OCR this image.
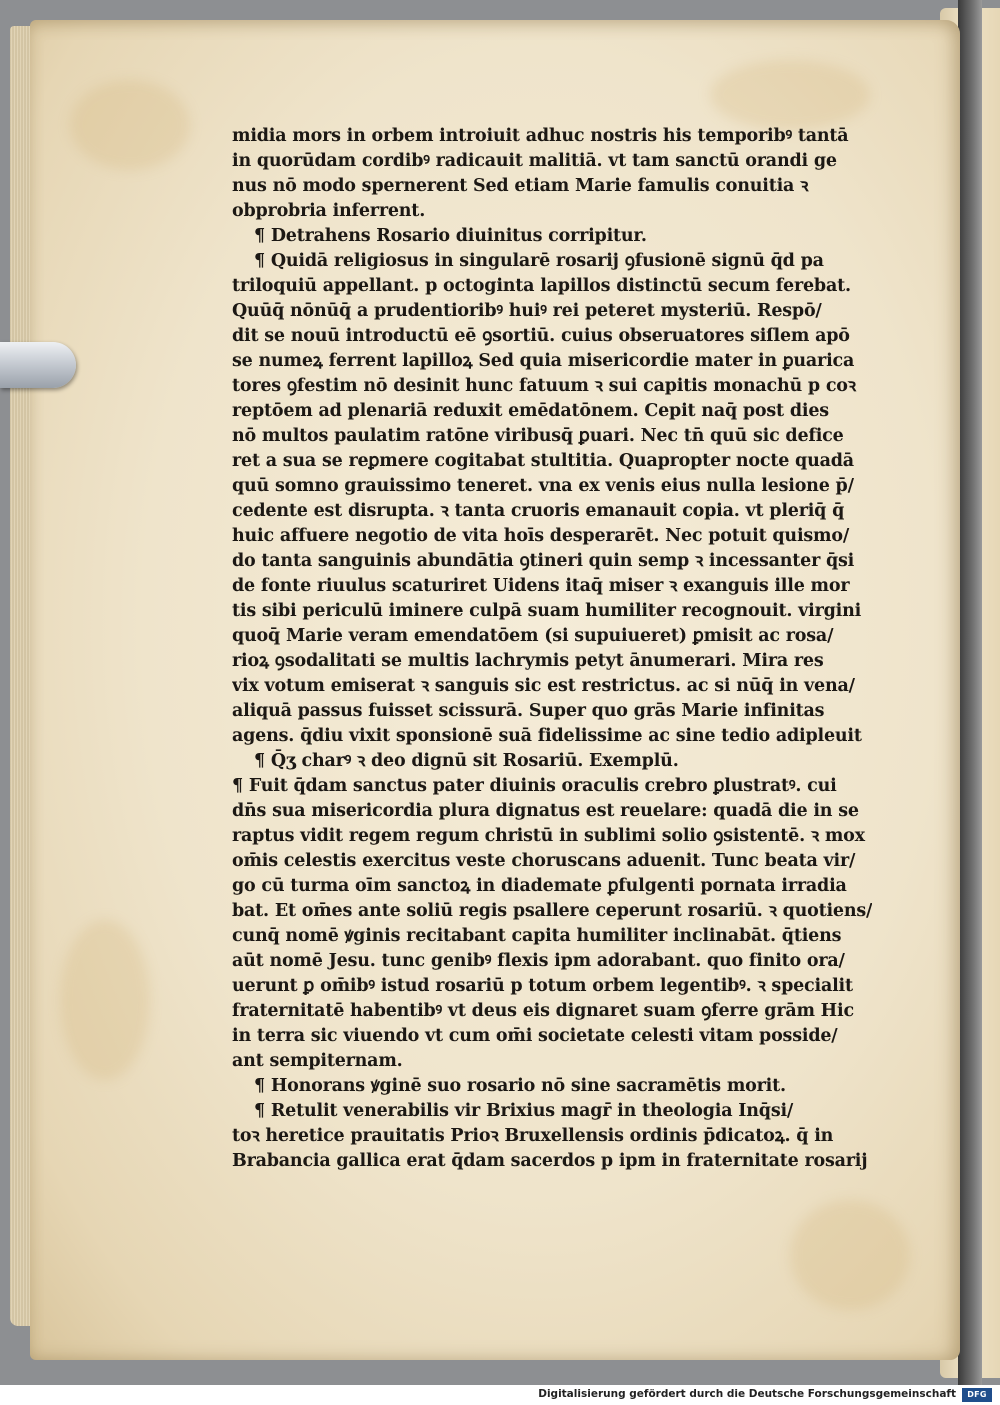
midia mors in orbem introiuit adhuc nostris his temporibꝰ tantā
in quorūdam cordibꝰ radicauit malitiā. vt tam sanctū orandi ge
nus nō modo spernerent Sed etiam Marie famulis conuitia ꝛ
obprobria inferrent.
¶ Detrahens Rosario diuinitus corripitur.
¶ Quidā religiosus in singularē rosarij ꝯfusionē signū q̄d pa
triloquiū appellant. p octoginta lapillos distinctū secum ferebat.
Quūq̄ nōnūq̄ a prudentioribꝰ huiꝰ rei peteret mysteriū. Respō/
dit se nouū introductū eē ꝯsortiū. cuius obseruatores siſlem apō
se numeꝝ ferrent lapilloꝝ Sed quia misericordie mater in ꝑuarica
tores ꝯfestim nō desinit hunc fatuum ꝛ sui capitis monachū p coꝛ
reptōem ad plenariā reduxit emēdatōnem. Cepit naq̄ post dies
nō multos paulatim ratōne viribusq̄ ꝑuari. Nec tn̄ quū sic defice
ret a sua se reꝑmere cogitabat stultitia. Quapropter nocte quadā
quū somno grauissimo teneret. vna ex venis eius nulla lesione p̄/
cedente est disrupta. ꝛ tanta cruoris emanauit copia. vt pleriq̄ q̄
huic affuere negotio de vita hoīs desperarēt. Nec potuit quismo/
do tanta sanguinis abundātia ꝯtineri quin semp ꝛ incessanter q̄si
de fonte riuulus scaturiret Uidens itaq̄ miser ꝛ exanguis ille mor
tis sibi periculū iminere culpā suam humiliter recognouit. virgini
quoq̄ Marie veram emendatōem (si supuiueret) ꝑmisit ac rosa/
rioꝝ ꝯsodalitati se multis lachrymis petyt ānumerari. Mira res
vix votum emiserat ꝛ sanguis sic est restrictus. ac si nūq̄ in vena/
aliquā passus fuisset scissurā. Super quo grās Marie infinitas
agens. q̄diu vixit sponsionē suā fidelissime ac sine tedio adipleuit
¶ Q̄ʒ charꝰ ꝛ deo dignū sit Rosariū. Exemplū.
¶ Fuit q̄dam sanctus pater diuinis oraculis crebro ꝑlustratꝰ. cui
dn̄s sua misericordia plura dignatus est reuelare: quadā die in se
raptus vidit regem regum christū in sublimi solio ꝯsistentē. ꝛ mox
om̄is celestis exercitus veste choruscans aduenit. Tunc beata vir/
go cū turma oīm sanctoꝝ in diademate ꝑfulgenti pornata irradia
bat. Et om̄es ante soliū regis psallere ceperunt rosariū. ꝛ quotiens/
cunq̄ nomē ꝟginis recitabant capita humiliter inclinabāt. q̄tiens
aūt nomē Jesu. tunc genibꝰ flexis ipm adorabant. quo finito ora/
uerunt ꝑ om̄ibꝰ istud rosariū p totum orbem legentibꝰ. ꝛ specialit
fraternitatē habentibꝰ vt deus eis dignaret suam ꝯferre grām Hic
in terra sic viuendo vt cum om̄i societate celesti vitam posside/
ant sempiternam.
¶ Honorans ꝟginē suo rosario nō sine sacramētis morit.
¶ Retulit venerabilis vir Brixius magr̄ in theologia Inq̄si/
toꝛ heretice prauitatis Prioꝛ Bruxellensis ordinis p̄dicatoꝝ. q̄ in
Brabancia gallica erat q̄dam sacerdos p ipm in fraternitate rosarij
Digitalisierung gefördert durch die Deutsche Forschungsgemeinschaft	DFG
